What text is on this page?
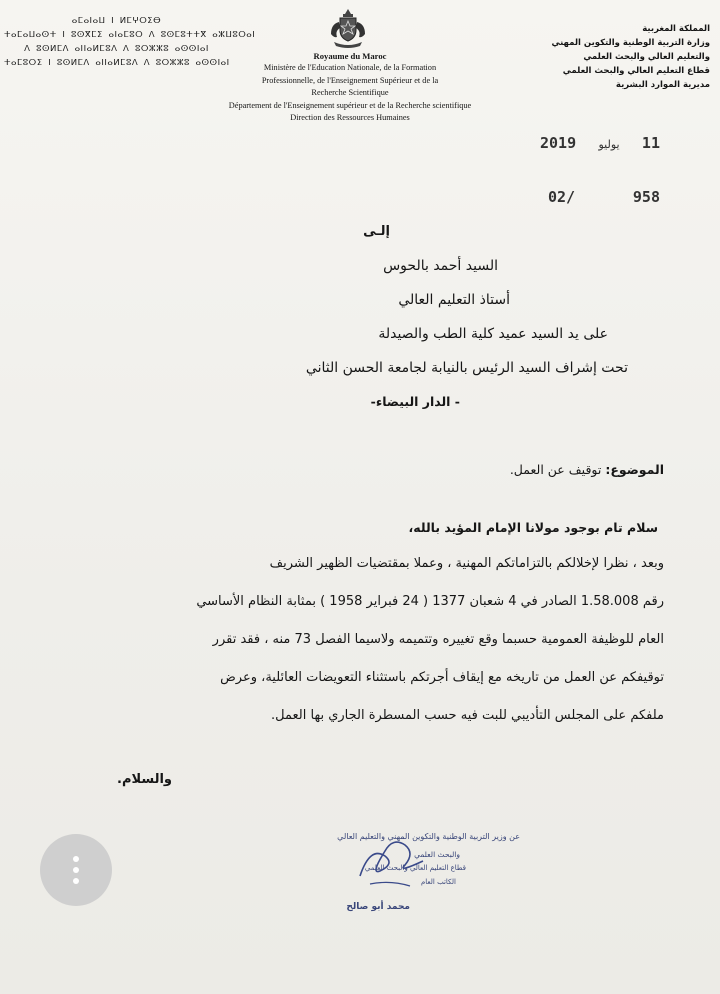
ⴰⵎⴰⵏⴰⵡ ⵏ ⵍⵎⵖⵔⵉⴱ
ⵜⴰⵎⴰⵡⴰⵙⵜ ⵏ ⵓⵙⴳⵎⵉ ⴰⵏⴰⵎⵓⵔ ⴷ ⵓⵙⵎⵓⵜⵜⴳ ⴰⵣⵡⵓⵔⴰⵏ
ⴷ ⵓⵙⵍⵎⴷ ⴰⵏⵏⴰⵍⵎⵓⴷ ⴷ ⵓⵔⵣⵣⵓ ⴰⵙⵙⵏⴰⵏ
ⵜⴰⵎⵓⵔⵉ ⵏ ⵓⵙⵍⵎⴷ ⴰⵏⵏⴰⵍⵎⵓⴷ ⴷ ⵓⵔⵣⵣⵓ ⴰⵙⵙⵏⴰⵏ
Royaume du Maroc
Ministère de l'Education Nationale, de la Formation
Professionnelle, de l'Enseignement Supérieur et de la
Recherche Scientifique
Département de l'Enseignement supérieur et de la Recherche scientifique
Direction des Ressources Humaines
المملكة المغربية
وزارة التربية الوطنية والتكوين المهني
والتعليم العالي والبحث العلمي
قطاع التعليم العالي والبحث العلمي
مديرية الموارد البشرية
2019 يوليو 11
02/	958
إلـى
السيد أحمد بالحوس
أستاذ التعليم العالي
على يد السيد عميد كلية الطب والصيدلة
تحت إشراف السيد الرئيس بالنيابة لجامعة الحسن الثاني
- الدار البيضاء-
الموضوع: توقيف عن العمل.
سلام تام بوجود مولانا الإمام المؤيد بالله،
وبعد ، نظرا لإخلالكم بالتزاماتكم المهنية ، وعملا بمقتضيات الظهير الشريف
رقم 1.58.008 الصادر في 4 شعبان 1377 ( 24 فبراير 1958 ) بمثابة النظام الأساسي
العام للوظيفة العمومية حسبما وقع تغييره وتتميمه ولاسيما الفصل 73 منه ، فقد تقرر
توقيفكم عن العمل من تاريخه مع إيقاف أجرتكم باستثناء التعويضات العائلية، وعرض
ملفكم على المجلس التأديبي للبت فيه حسب المسطرة الجاري بها العمل.
والسلام.
عن وزير التربية الوطنية والتكوين المهني والتعليم العالي
والبحث العلمي
قطاع التعليم العالي والبحث العلمي
الكاتب العام
محمد أبو صالح
